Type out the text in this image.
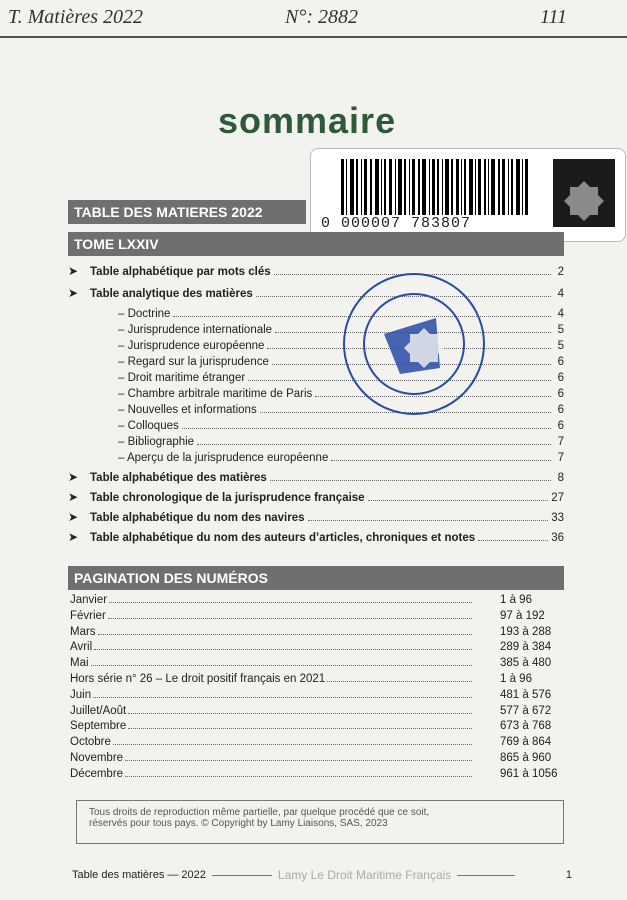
T. Matières 2022	N°: 2882	111
sommaire
0 000007 783807
TABLE DES MATIERES 2022
TOME LXXIV
➤	Table alphabétique par mots clés	2
➤	Table analytique des matières	4
– Doctrine	4
– Jurisprudence internationale	5
– Jurisprudence européenne	5
– Regard sur la jurisprudence	6
– Droit maritime étranger	6
– Chambre arbitrale maritime de Paris	6
– Nouvelles et informations	6
– Colloques	6
– Bibliographie	7
– Aperçu de la jurisprudence européenne	7
➤	Table alphabétique des matières	8
➤	Table chronologique de la jurisprudence française	27
➤	Table alphabétique du nom des navires	33
➤	Table alphabétique du nom des auteurs d’articles, chroniques et notes	36
PAGINATION DES NUMÉROS
Janvier	1 à 96
Février	97 à 192
Mars	193 à 288
Avril	289 à 384
Mai	385 à 480
Hors série n° 26 – Le droit positif français en 2021	1 à 96
Juin	481 à 576
Juillet/Août	577 à 672
Septembre	673 à 768
Octobre	769 à 864
Novembre	865 à 960
Décembre	961 à 1056
Tous droits de reproduction même partielle, par quelque procédé que ce soit,
réservés pour tous pays. © Copyright by Lamy Liaisons, SAS, 2023
Table des matières — 2022	Lamy Le Droit Maritime Français	1
